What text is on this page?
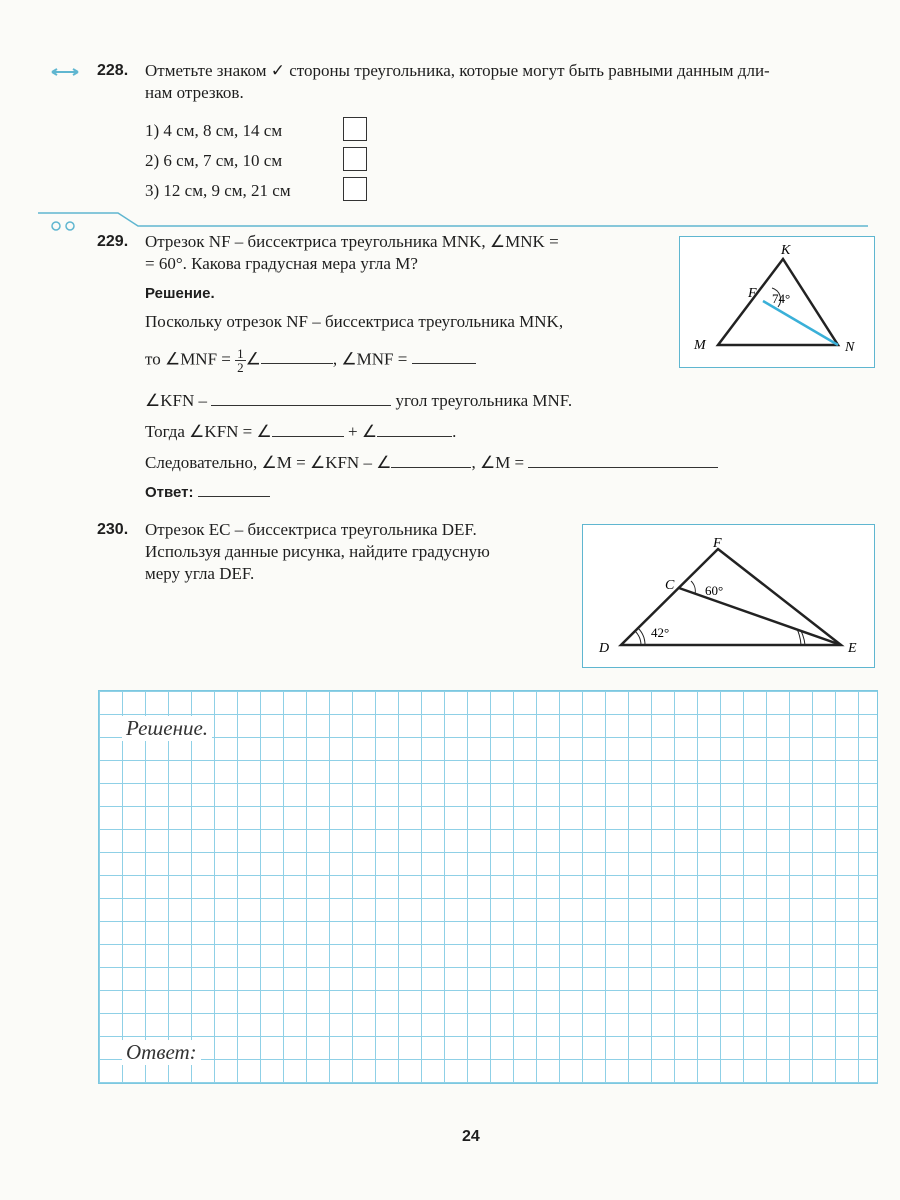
228. Отметьте знаком ✓ стороны треугольника, которые могут быть равными данным дли-
нам отрезков.
1) 4 см, 8 см, 14 см
2) 6 см, 7 см, 10 см
3) 12 см, 9 см, 21 см
229. Отрезок NF – биссектриса треугольника MNK, ∠MNK =
= 60°. Какова градусная мера угла M?
Решение.
Поскольку отрезок NF – биссектриса треугольника MNK,
то ∠MNF = $\frac{1}{2}$ ∠	, ∠MNF =
∠KFN –	угол треугольника MNF.
Тогда ∠KFN = ∠	+ ∠	.
Следовательно, ∠M = ∠KFN – ∠	, ∠M =
Ответ:
K
F
M	N
74°
230. Отрезок EC – биссектриса треугольника DEF.
Используя данные рисунка, найдите градусную
меру угла DEF.
F
C
D	E
60°
42°
Решение.
Ответ:
24
